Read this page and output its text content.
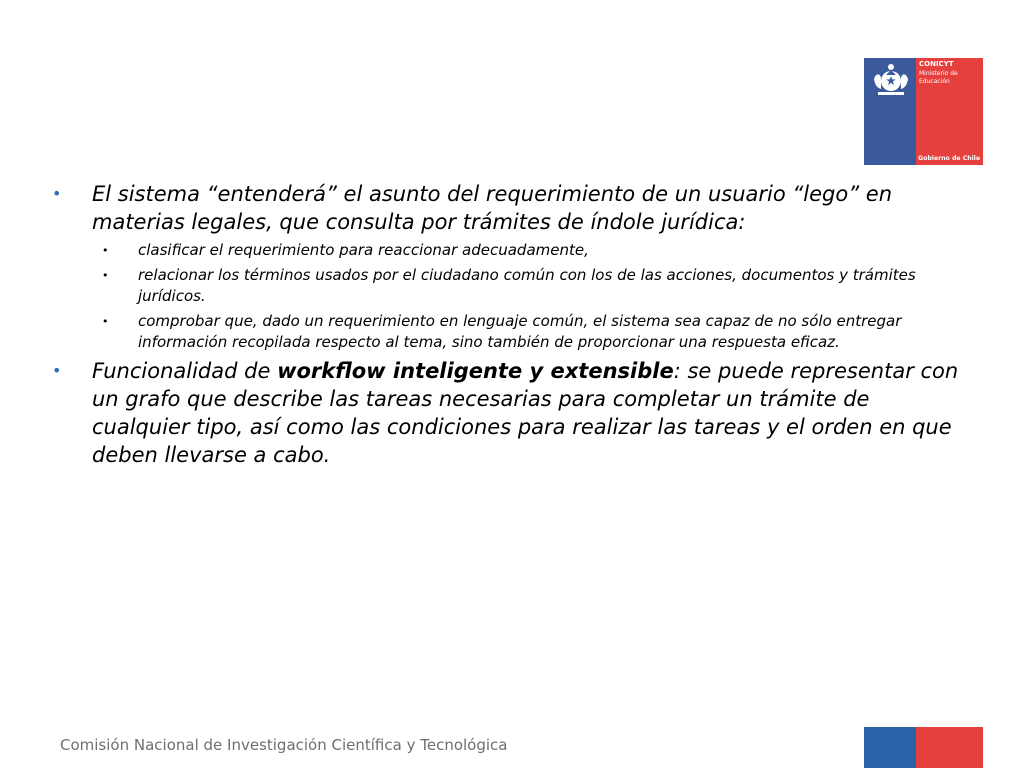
CONICYT
Ministerio de Educación
Gobierno de Chile
•	El sistema “entenderá” el asunto del requerimiento de un usuario “lego” en materias legales, que consulta por trámites de índole jurídica:
•	clasificar el requerimiento para reaccionar adecuadamente,
•	relacionar los términos usados por el ciudadano común con los de las acciones, documentos y trámites jurídicos.
•	comprobar que, dado un requerimiento en lenguaje común, el sistema sea capaz de no sólo entregar información recopilada respecto al tema, sino también de proporcionar una respuesta eficaz.
•	Funcionalidad de workflow inteligente y extensible: se puede representar con un grafo que describe las tareas necesarias para completar un trámite de cualquier tipo, así como las condiciones para realizar las tareas y el orden en que deben llevarse a cabo.
Comisión Nacional de Investigación Científica y Tecnológica
